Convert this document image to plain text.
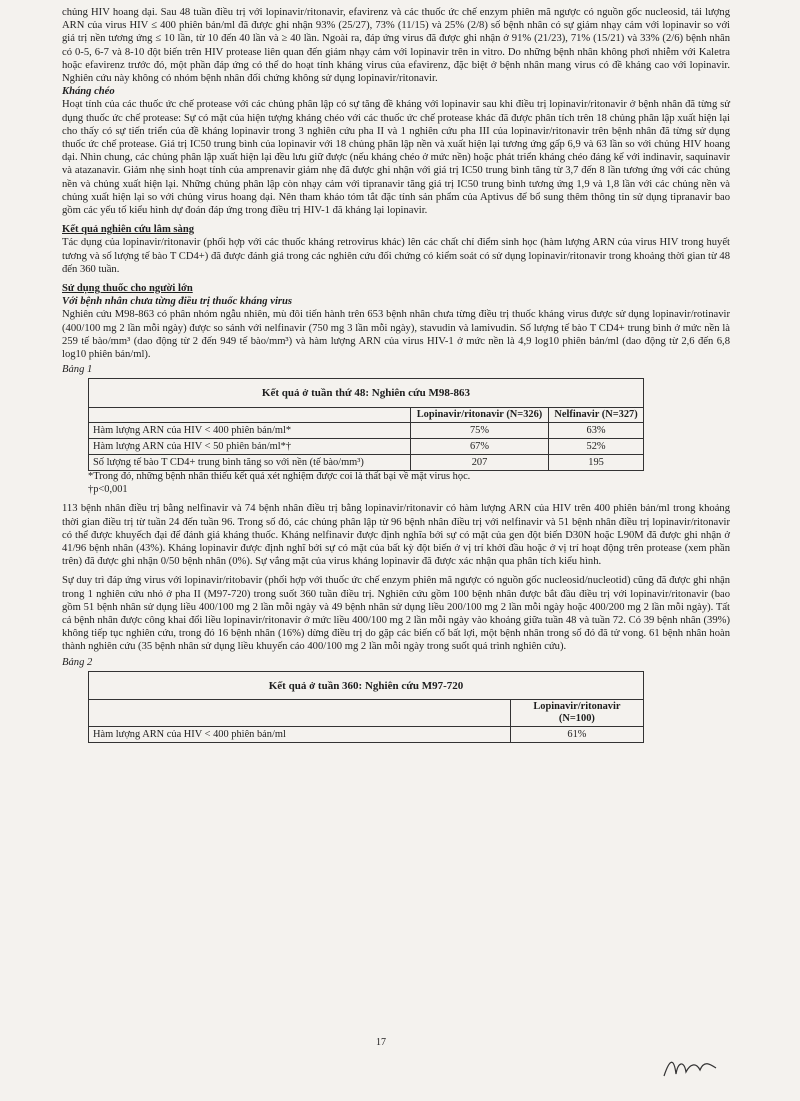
chủng HIV hoang dại. Sau 48 tuần điều trị với lopinavir/ritonavir, efavirenz và các thuốc ức chế enzym phiên mã ngược có nguồn gốc nucleosid, tải lượng ARN của virus HIV ≤ 400 phiên bản/ml đã được ghi nhận 93% (25/27), 73% (11/15) và 25% (2/8) số bệnh nhân có sự giảm nhạy cảm với lopinavir so với giá trị nền tương ứng ≤ 10 lần, từ 10 đến 40 lần và ≥ 40 lần. Ngoài ra, đáp ứng virus đã được ghi nhận ở 91% (21/23), 71% (15/21) và 33% (2/6) bệnh nhân có 0-5, 6-7 và 8-10 đột biến trên HIV protease liên quan đến giảm nhạy cảm với lopinavir trên in vitro. Do những bệnh nhân không phơi nhiễm với Kaletra hoặc efavirenz trước đó, một phần đáp ứng có thể do hoạt tính kháng virus của efavirenz, đặc biệt ở bệnh nhân mang virus có đề kháng cao với lopinavir. Nghiên cứu này không có nhóm bệnh nhân đối chứng không sử dụng lopinavir/ritonavir.

Kháng chéo

Hoạt tính của các thuốc ức chế protease với các chủng phân lập có sự tăng đề kháng với lopinavir sau khi điều trị lopinavir/ritonavir ở bệnh nhân đã từng sử dụng thuốc ức chế protease: Sự có mặt của hiện tượng kháng chéo với các thuốc ức chế protease khác đã được phân tích trên 18 chủng phân lập xuất hiện lại cho thấy có sự tiến triển của đề kháng lopinavir trong 3 nghiên cứu pha II và 1 nghiên cứu pha III của lopinavir/ritonavir trên bệnh nhân đã từng sử dụng thuốc ức chế protease. Giá trị IC50 trung bình của lopinavir với 18 chủng phân lập nền và xuất hiện lại tương ứng gấp 6,9 và 63 lần so với chủng HIV hoang dại. Nhìn chung, các chủng phân lập xuất hiện lại đều lưu giữ được (nếu kháng chéo ở mức nền) hoặc phát triển kháng chéo đáng kể với indinavir, saquinavir và atazanavir. Giảm nhẹ sinh hoạt tính của amprenavir giảm nhẹ đã được ghi nhận với giá trị IC50 trung bình tăng từ 3,7 đến 8 lần tương ứng với các chủng nền và chủng xuất hiện lại. Những chủng phân lập còn nhạy cảm với tipranavir tăng giá trị IC50 trung bình tương ứng 1,9 và 1,8 lần với các chủng nền và chủng xuất hiện lại so với chủng virus hoang dại. Nên tham khảo tóm tắt đặc tính sản phẩm của Aptivus để bổ sung thêm thông tin sử dụng tipranavir bao gồm các yếu tố kiểu hình dự đoán đáp ứng trong điều trị HIV-1 đã kháng lại lopinavir.

Kết quả nghiên cứu lâm sàng

Tác dụng của lopinavir/ritonavir (phối hợp với các thuốc kháng retrovirus khác) lên các chất chỉ điểm sinh học (hàm lượng ARN của virus HIV trong huyết tương và số lượng tế bào T CD4+) đã được đánh giá trong các nghiên cứu đối chứng có kiểm soát có sử dụng lopinavir/ritonavir trong khoảng thời gian từ 48 đến 360 tuần.

Sử dụng thuốc cho người lớn

Với bệnh nhân chưa từng điều trị thuốc kháng virus

Nghiên cứu M98-863 có phân nhóm ngẫu nhiên, mù đôi tiến hành trên 653 bệnh nhân chưa từng điều trị thuốc kháng virus được sử dụng lopinavir/rotinavir (400/100 mg 2 lần mỗi ngày) được so sánh với nelfinavir (750 mg 3 lần mỗi ngày), stavudin và lamivudin. Số lượng tế bào T CD4+ trung bình ở mức nền là 259 tế bào/mm³ (dao động từ 2 đến 949 tế bào/mm³) và hàm lượng ARN của virus HIV-1 ở mức nền là 4,9 log10 phiên bản/ml (dao động từ 2,6 đến 6,8 log10 phiên bản/ml).

Bảng 1

Kết quả ở tuần thứ 48: Nghiên cứu M98-863		
	Lopinavir/ritonavir (N=326)	Nelfinavir (N=327)
Hàm lượng ARN của HIV < 400 phiên bản/ml*	75%	63%
Hàm lượng ARN của HIV < 50 phiên bản/ml*†	67%	52%
Số lượng tế bào T CD4+ trung bình tăng so với nền (tế bào/mm³)	207	195

*Trong đó, những bệnh nhân thiếu kết quả xét nghiệm được coi là thất bại về mặt virus học.

†p<0,001

113 bệnh nhân điều trị bằng nelfinavir và 74 bệnh nhân điều trị bằng lopinavir/ritonavir có hàm lượng ARN của HIV trên 400 phiên bản/ml trong khoảng thời gian điều trị từ tuần 24 đến tuần 96. Trong số đó, các chủng phân lập từ 96 bệnh nhân điều trị với nelfinavir và 51 bệnh nhân điều trị lopinavir/ritonavir có thể được khuyếch đại để đánh giá kháng thuốc. Kháng nelfinavir được định nghĩa bởi sự có mặt của gen đột biến D30N hoặc L90M đã được ghi nhận ở 41/96 bệnh nhân (43%). Kháng lopinavir được định nghĩ bởi sự có mặt của bất kỳ đột biến ở vị trí khởi đầu hoặc ở vị trí hoạt động trên protease (xem phần trên) đã được ghi nhận 0/50 bệnh nhân (0%). Sự vắng mặt của virus kháng lopinavir đã được xác nhận qua phân tích kiểu hình.

Sự duy trì đáp ứng virus với lopinavir/ritobavir (phối hợp với thuốc ức chế enzym phiên mã ngược có nguồn gốc nucleosid/nucleotid) cũng đã được ghi nhận trong 1 nghiên cứu nhỏ ở pha II (M97-720) trong suốt 360 tuần điều trị. Nghiên cứu gồm 100 bệnh nhân được bắt đầu điều trị với lopinavir/ritonavir (bao gồm 51 bệnh nhân sử dụng liều 400/100 mg 2 lần mỗi ngày và 49 bệnh nhân sử dụng liều 200/100 mg 2 lần mỗi ngày hoặc 400/200 mg 2 lần mỗi ngày). Tất cả bệnh nhân được công khai đổi liều lopinavir/ritonavir ở mức liều 400/100 mg 2 lần mỗi ngày vào khoảng giữa tuần 48 và tuần 72. Có 39 bệnh nhân (39%) không tiếp tục nghiên cứu, trong đó 16 bệnh nhân (16%) dừng điều trị do gặp các biến cố bất lợi, một bệnh nhân trong số đó đã tử vong. 61 bệnh nhân hoàn thành nghiên cứu (35 bệnh nhân sử dụng liều khuyến cáo 400/100 mg 2 lần mỗi ngày trong suốt quá trình nghiên cứu).

Bảng 2

Kết quả ở tuần 360: Nghiên cứu M97-720	
	Lopinavir/ritonavir (N=100)
Hàm lượng ARN của HIV < 400 phiên bản/ml	61%
17
